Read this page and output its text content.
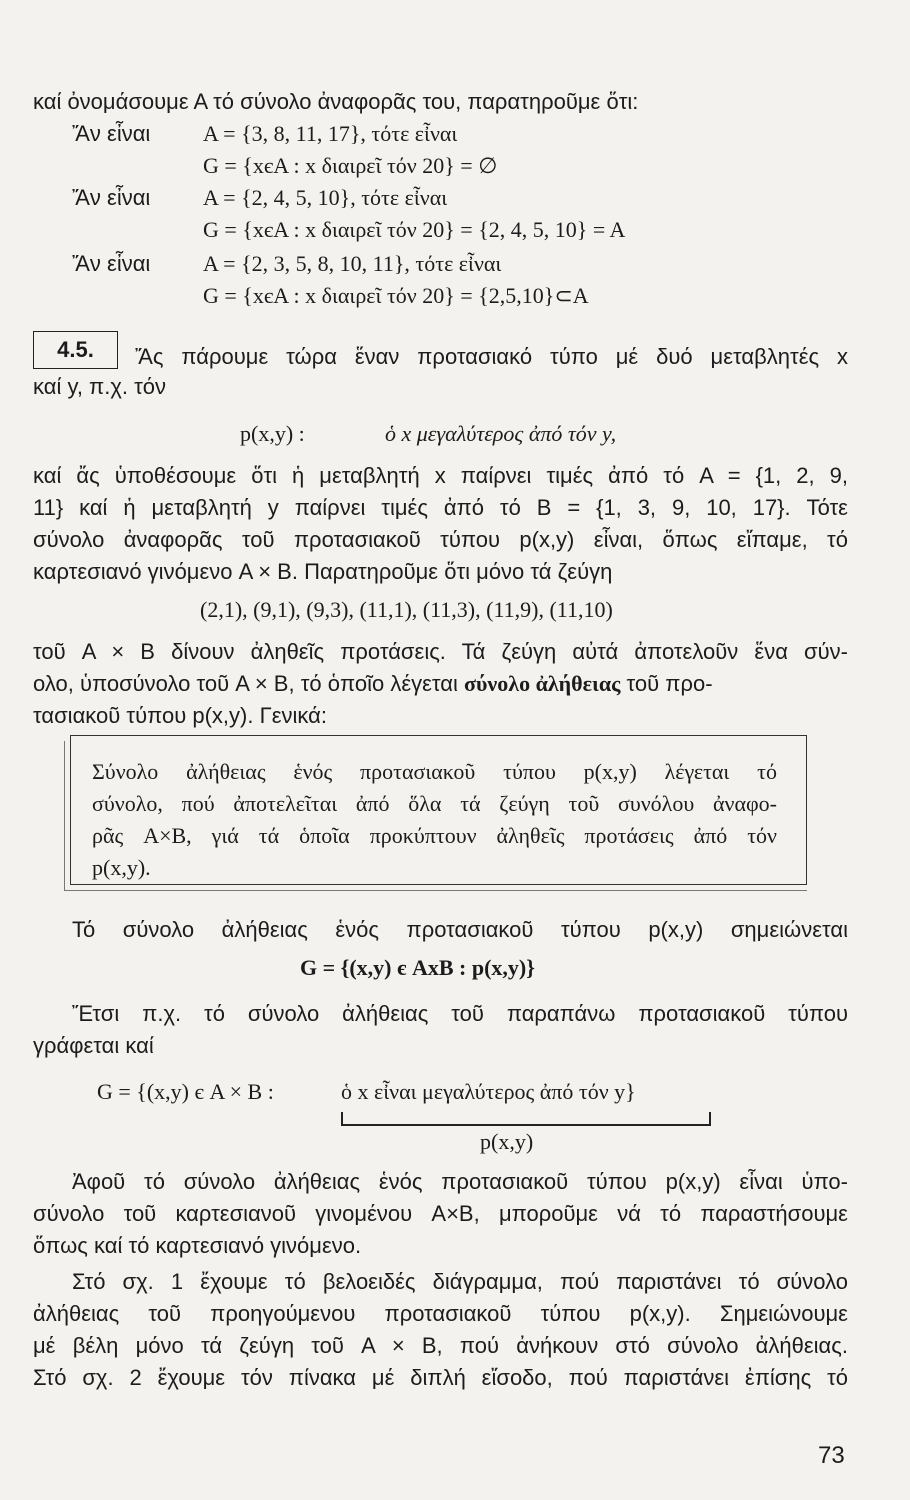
καί ὀνομάσουμε Α τό σύνολο ἀναφορᾶς του, παρατηροῦμε ὅτι:
Ἄν εἶναι A = {3, 8, 11, 17}, τότε εἶναι
G = {xєA : x διαιρεῖ τόν 20} = ∅
Ἄν εἶναι A = {2, 4, 5, 10}, τότε εἶναι
G = {xєA : x διαιρεῖ τόν 20} = {2, 4, 5, 10} = A
Ἄν εἶναι A = {2, 3, 5, 8, 10, 11}, τότε εἶναι
G = {xєA : x διαιρεῖ τόν 20} = {2,5,10}⊂A
4.5.	Ἄς πάρουμε τώρα ἕναν προτασιακό τύπο μέ δυό μεταβλητές x
καί y, π.χ. τόν
p(x,y) :	ὁ x μεγαλύτερος ἀπό τόν y,
καί ἄς ὑποθέσουμε ὅτι ἡ μεταβλητή x παίρνει τιμές ἀπό τό A = {1, 2, 9,
11} καί ἡ μεταβλητή y παίρνει τιμές ἀπό τό B = {1, 3, 9, 10, 17}. Τότε
σύνολο ἀναφορᾶς τοῦ προτασιακοῦ τύπου p(x,y) εἶναι, ὅπως εἴπαμε, τό
καρτεσιανό γινόμενο A × B. Παρατηροῦμε ὅτι μόνο τά ζεύγη
(2,1), (9,1), (9,3), (11,1), (11,3), (11,9), (11,10)
τοῦ A × B δίνουν ἀληθεῖς προτάσεις. Τά ζεύγη αὐτά ἀποτελοῦν ἕνα σύν-
ολο, ὑποσύνολο τοῦ A × B, τό ὁποῖο λέγεται σύνολο ἀλήθειας τοῦ προ-
τασιακοῦ τύπου p(x,y). Γενικά:
Σύνολο ἀλήθειας ἑνός προτασιακοῦ τύπου p(x,y) λέγεται τό
σύνολο, πού ἀποτελεῖται ἀπό ὅλα τά ζεύγη τοῦ συνόλου ἀναφο-
ρᾶς A×B, γιά τά ὁποῖα προκύπτουν ἀληθεῖς προτάσεις ἀπό τόν
p(x,y).
Τό σύνολο ἀλήθειας ἑνός προτασιακοῦ τύπου p(x,y) σημειώνεται
G = {(x,y) є AxB : p(x,y)}
Ἔτσι π.χ. τό σύνολο ἀλήθειας τοῦ παραπάνω προτασιακοῦ τύπου
γράφεται καί
G = {(x,y) є A × B :	ὁ x εἶναι μεγαλύτερος ἀπό τόν y}
p(x,y)
Ἀφοῦ τό σύνολο ἀλήθειας ἑνός προτασιακοῦ τύπου p(x,y) εἶναι ὑπο-
σύνολο τοῦ καρτεσιανοῦ γινομένου A×B, μποροῦμε νά τό παραστήσουμε
ὅπως καί τό καρτεσιανό γινόμενο.
Στό σχ. 1 ἔχουμε τό βελοειδές διάγραμμα, πού παριστάνει τό σύνολο
ἀλήθειας τοῦ προηγούμενου προτασιακοῦ τύπου p(x,y). Σημειώνουμε
μέ βέλη μόνο τά ζεύγη τοῦ A × B, πού ἀνήκουν στό σύνολο ἀλήθειας.
Στό σχ. 2 ἔχουμε τόν πίνακα μέ διπλή εἴσοδο, πού παριστάνει ἐπίσης τό
73
